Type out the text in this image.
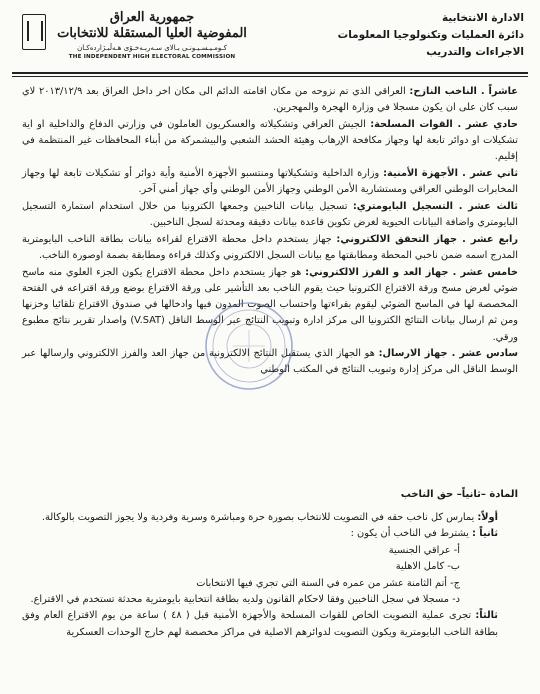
الادارة الانتخابية
دائرة العمليات وتكنولوجيا المعلومات
الاجراءات والتدريب
جمهورية العراق
المفوضية العليا المستقلة للانتخابات
كـومـيـسـيـونـى بـالاى سـەربـەخـۆى هـەڵبـژاردەکـان
THE INDEPENDENT HIGH ELECTORAL COMMISSION

عاشراً . الناخب النازح: العراقي الذي تم نزوحه من مكان اقامته الدائم الى مكان اخر داخل العراق بعد ٢٠١٣/١٢/٩ لاي سبب كان على ان يكون مسجلا في وزارة الهجرة والمهجرين.

حادي عشر . القوات المسلحة: الجيش العراقي وتشكيلاته والعسكريون العاملون في وزارتي الدفاع والداخلية او اية تشكيلات او دوائر تابعة لها وجهاز مكافحة الإرهاب وهيئة الحشد الشعبي والبيشمركة من أبناء المحافظات غير المنتظمة في إقليم.

ثاني عشر . الأجهزة الأمنية: وزارة الداخلية وتشكيلاتها ومنتسبو الأجهزة الأمنية وأية دوائر أو تشكيلات تابعة لها وجهاز المخابرات الوطني العراقي ومستشارية الأمن الوطني وجهاز الأمن الوطني وأي جهاز أمني آخر.

ثالث عشر . التسجيل البايومتري: تسجيل بيانات الناخبين وجمعها الكترونيا من خلال استخدام استمارة التسجيل البايومتري واضافة البيانات الحيوية لغرض تكوين قاعدة بيانات دقيقة ومحدثة لسجل الناخبين.

رابع عشر . جهاز التحقق الالكتروني: جهاز يستخدم داخل محطة الاقتراع لقراءة بيانات بطاقة الناخب البايومترية المدرج اسمه ضمن ناخبي المحطة ومطابقتها مع بيانات السجل الالكتروني وكذلك قراءة ومطابقة بصمة اوصورة الناخب.

خامس عشر . جهاز العد و الفرز الالكتروني: هو جهاز يستخدم داخل محطة الاقتراع يكون الجزء العلوي منه ماسح ضوئي لغرض مسح ورقة الاقتراع الكترونيا حيث يقوم الناخب بعد التأشير على ورقة الاقتراع بوضع ورقة اقتراعه في الفتحة المخصصة لها في الماسح الضوئي ليقوم بقراءتها واحتساب الصوت المدون فيها وادخالها في صندوق الاقتراع تلقائيا وخزنها ومن ثم ارسال بيانات النتائج الكترونيا الى مركز ادارة وتبويب النتائج عبر الوسط الناقل (V.SAT) واصدار تقرير نتائج مطبوع ورقي.

سادس عشر . جهاز الارسال: هو الجهاز الذي يستقبل النتائج الالكترونية من جهاز العد والفرز الالكتروني وارسالها عبر الوسط الناقل الى مركز إدارة وتبويب النتائج في المكتب الوطني

المادة –ثانياً– حق الناخب

أولاً: يمارس كل ناخب حقه في التصويت للانتخاب بصورة حرة ومباشرة وسرية وفردية ولا يجوز التصويت بالوكالة.

ثانياً : يشترط في الناخب أن يكون :

أ- عراقي الجنسية

ب- كامل الاهلية

ج- أتم الثامنة عشر من عمره في السنة التي تجري فيها الانتخابات

د- مسجلا في سجل الناخبين وفقا لاحكام القانون ولديه بطاقة انتخابية بايومترية محدثة تستخدم في الاقتراع.

ثالثاً: تجرى عملية التصويت الخاص للقوات المسلحة والأجهزة الأمنية قبل ( ٤٨ ) ساعة من يوم الاقتراع العام وفق بطاقة الناخب البايومترية ويكون التصويت لدوائرهم الاصلية في مراكز مخصصة لهم خارج الوحدات العسكرية
